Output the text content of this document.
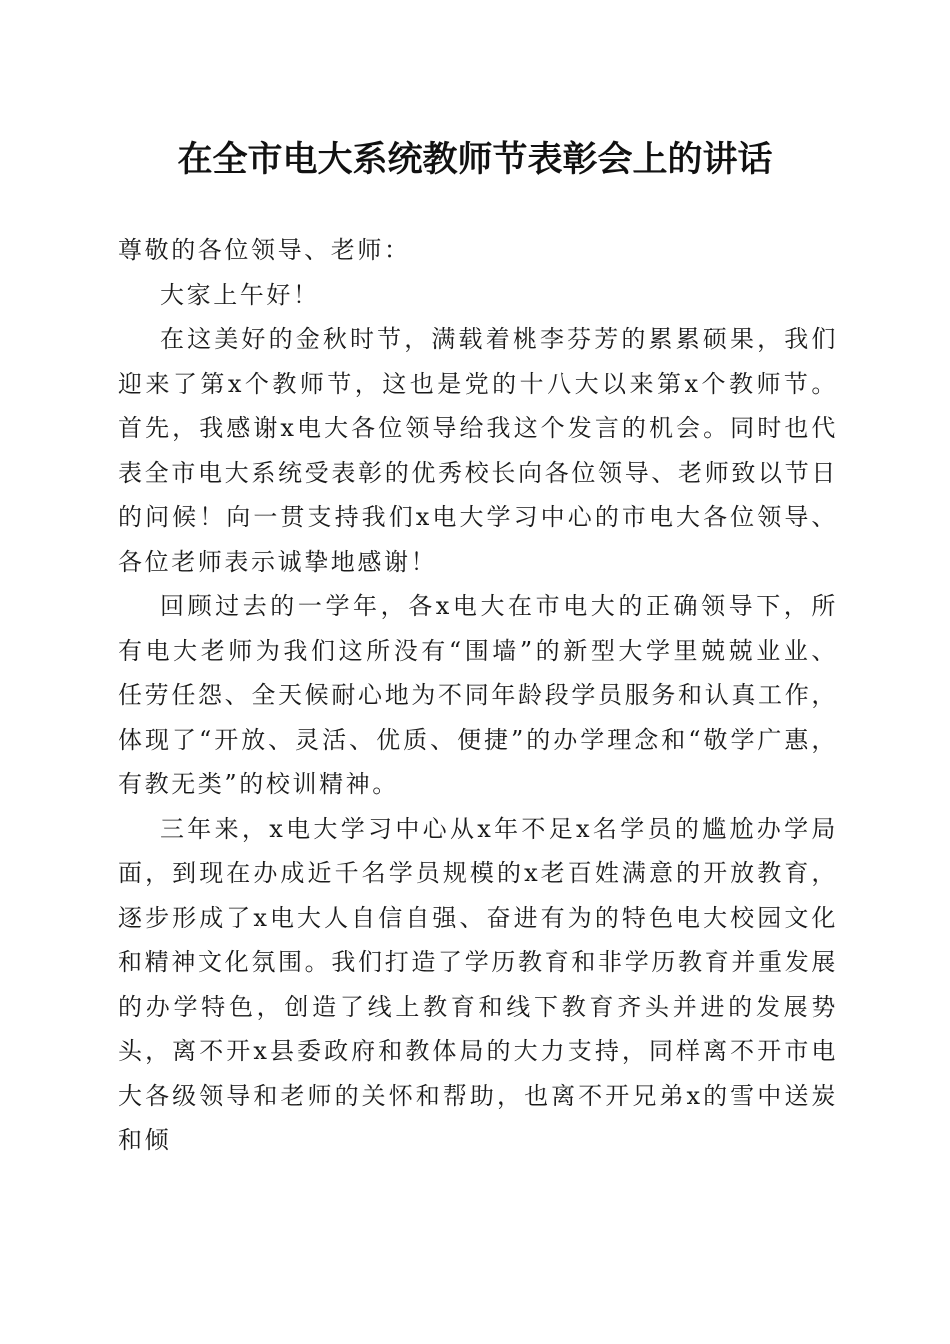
在全市电大系统教师节表彰会上的讲话

尊敬的各位领导、老师：

大家上午好！

在这美好的金秋时节，满载着桃李芬芳的累累硕果，我们迎来了第x个教师节，这也是党的十八大以来第x个教师节。首先，我感谢x电大各位领导给我这个发言的机会。同时也代表全市电大系统受表彰的优秀校长向各位领导、老师致以节日的问候！向一贯支持我们x电大学习中心的市电大各位领导、各位老师表示诚挚地感谢！

回顾过去的一学年，各x电大在市电大的正确领导下，所有电大老师为我们这所没有“围墙”的新型大学里兢兢业业、任劳任怨、全天候耐心地为不同年龄段学员服务和认真工作，体现了“开放、灵活、优质、便捷”的办学理念和“敬学广惠，有教无类”的校训精神。

三年来，x电大学习中心从x年不足x名学员的尴尬办学局面，到现在办成近千名学员规模的x老百姓满意的开放教育，逐步形成了x电大人自信自强、奋进有为的特色电大校园文化和精神文化氛围。我们打造了学历教育和非学历教育并重发展的办学特色，创造了线上教育和线下教育齐头并进的发展势头，离不开x县委政府和教体局的大力支持，同样离不开市电大各级领导和老师的关怀和帮助，也离不开兄弟x的雪中送炭和倾
